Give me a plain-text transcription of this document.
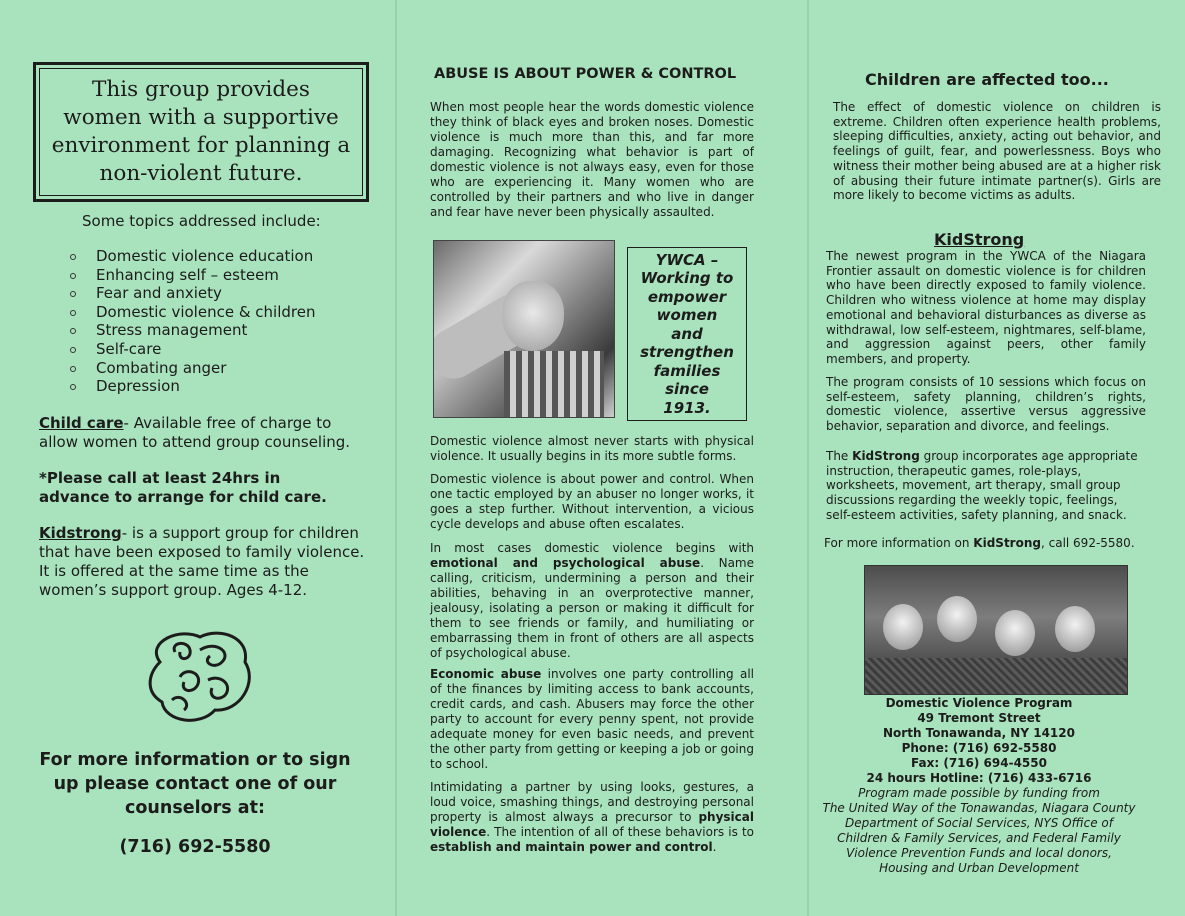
This group provides women with a supportive environment for planning a non-violent future.
Some topics addressed include:
Domestic violence education
Enhancing self – esteem
Fear and anxiety
Domestic violence & children
Stress management
Self-care
Combating anger
Depression
Child care- Available free of charge to allow women to attend group counseling.
*Please call at least 24hrs in advance to arrange for child care.
Kidstrong- is a support group for children that have been exposed to family violence. It is offered at the same time as the women’s support group. Ages 4-12.
For more information or to sign up please contact one of our counselors at:
(716) 692-5580
ABUSE IS ABOUT POWER & CONTROL
When most people hear the words domestic violence they think of black eyes and broken noses. Domestic violence is much more than this, and far more damaging. Recognizing what behavior is part of domestic violence is not always easy, even for those who are experiencing it. Many women who are controlled by their partners and who live in danger and fear have never been physically assaulted.
YWCA –
Working to
empower
women
and
strengthen
families
since
1913.
Domestic violence almost never starts with physical violence. It usually begins in its more subtle forms.
Domestic violence is about power and control. When one tactic employed by an abuser no longer works, it goes a step further. Without intervention, a vicious cycle develops and abuse often escalates.
In most cases domestic violence begins with emotional and psychological abuse. Name calling, criticism, undermining a person and their abilities, behaving in an overprotective manner, jealousy, isolating a person or making it difficult for them to see friends or family, and humiliating or embarrassing them in front of others are all aspects of psychological abuse.
Economic abuse involves one party controlling all of the finances by limiting access to bank accounts, credit cards, and cash. Abusers may force the other party to account for every penny spent, not provide adequate money for even basic needs, and prevent the other party from getting or keeping a job or going to school.
Intimidating a partner by using looks, gestures, a loud voice, smashing things, and destroying personal property is almost always a precursor to physical violence. The intention of all of these behaviors is to establish and maintain power and control.
Children are affected too...
The effect of domestic violence on children is extreme. Children often experience health problems, sleeping difficulties, anxiety, acting out behavior, and feelings of guilt, fear, and powerlessness. Boys who witness their mother being abused are at a higher risk of abusing their future intimate partner(s). Girls are more likely to become victims as adults.
KidStrong
The newest program in the YWCA of the Niagara Frontier assault on domestic violence is for children who have been directly exposed to family violence. Children who witness violence at home may display emotional and behavioral disturbances as diverse as withdrawal, low self-esteem, nightmares, self-blame, and aggression against peers, other family members, and property.
The program consists of 10 sessions which focus on self-esteem, safety planning, children’s rights, domestic violence, assertive versus aggressive behavior, separation and divorce, and feelings.
The KidStrong group incorporates age appropriate instruction, therapeutic games, role-plays, worksheets, movement, art therapy, small group discussions regarding the weekly topic, feelings, self-esteem activities, safety planning, and snack.
For more information on KidStrong, call 692-5580.
Domestic Violence Program
49 Tremont Street
North Tonawanda, NY 14120
Phone: (716) 692-5580
Fax: (716) 694-4550
24 hours Hotline: (716) 433-6716
Program made possible by funding from
The United Way of the Tonawandas, Niagara County
Department of Social Services, NYS Office of
Children & Family Services, and Federal Family
Violence Prevention Funds and local donors,
Housing and Urban Development
